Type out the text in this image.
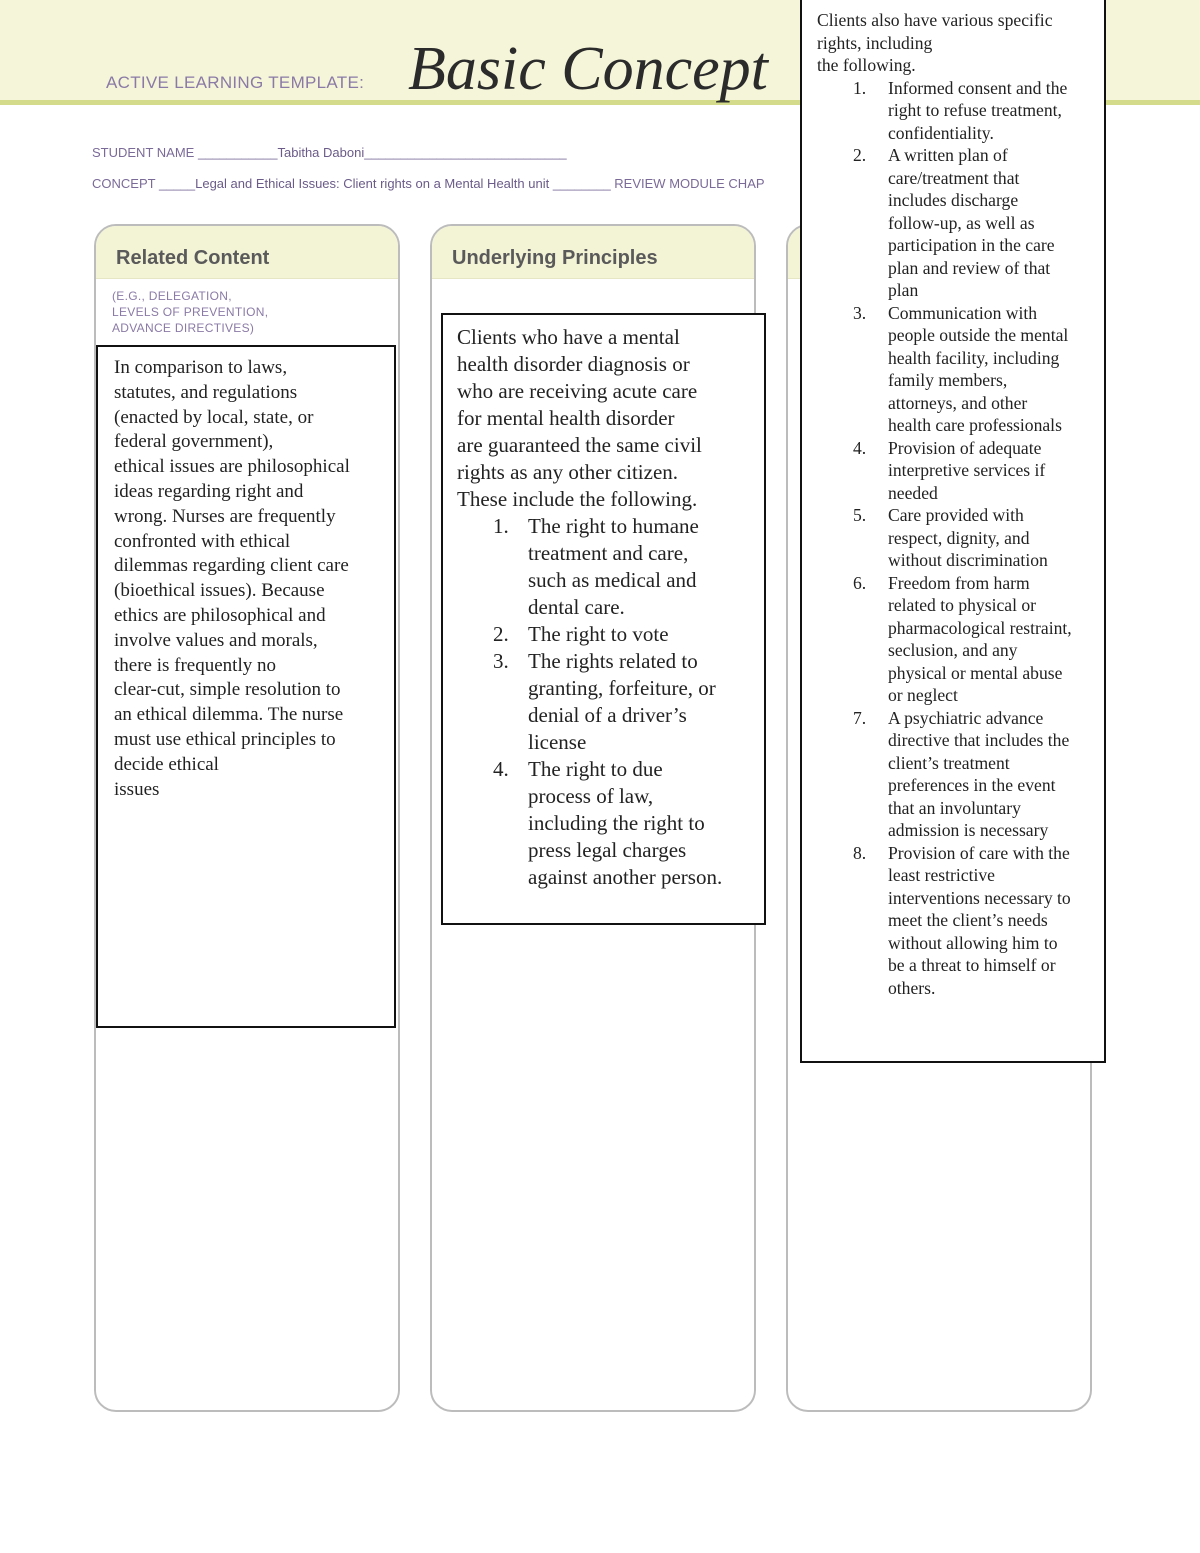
ACTIVE LEARNING TEMPLATE: Basic Concept
STUDENT NAME ___________Tabitha Daboni____________________________
CONCEPT _____Legal and Ethical Issues: Client rights on a Mental Health unit ________ REVIEW MODULE CHAP
Related Content
(E.G., DELEGATION,
LEVELS OF PREVENTION,
ADVANCE DIRECTIVES)
Underlying Principles

In comparison to laws,
statutes, and regulations
(enacted by local, state, or
federal government),
ethical issues are philosophical
ideas regarding right and
wrong. Nurses are frequently
confronted with ethical
dilemmas regarding client care
(bioethical issues). Because
ethics are philosophical and
involve values and morals,
there is frequently no
clear-cut, simple resolution to
an ethical dilemma. The nurse
must use ethical principles to
decide ethical
issues

Clients who have a mental
health disorder diagnosis or
who are receiving acute care
for mental health disorder
are guaranteed the same civil
rights as any other citizen.
These include the following.

1. The right to humane
treatment and care,
such as medical and
dental care.

2. The right to vote

3. The rights related to
granting, forfeiture, or
denial of a driver’s
license

4. The right to due
process of law,
including the right to
press legal charges
against another person.

Clients also have various specific
rights, including
the following.

1. Informed consent and the
right to refuse treatment,
confidentiality.

2. A written plan of
care/treatment that
includes discharge
follow-up, as well as
participation in the care
plan and review of that
plan

3. Communication with
people outside the mental
health facility, including
family members,
attorneys, and other
health care professionals

4. Provision of adequate
interpretive services if
needed

5. Care provided with
respect, dignity, and
without discrimination

6. Freedom from harm
related to physical or
pharmacological restraint,
seclusion, and any
physical or mental abuse
or neglect

7. A psychiatric advance
directive that includes the
client’s treatment
preferences in the event
that an involuntary
admission is necessary

8. Provision of care with the
least restrictive
interventions necessary to
meet the client’s needs
without allowing him to
be a threat to himself or
others.
